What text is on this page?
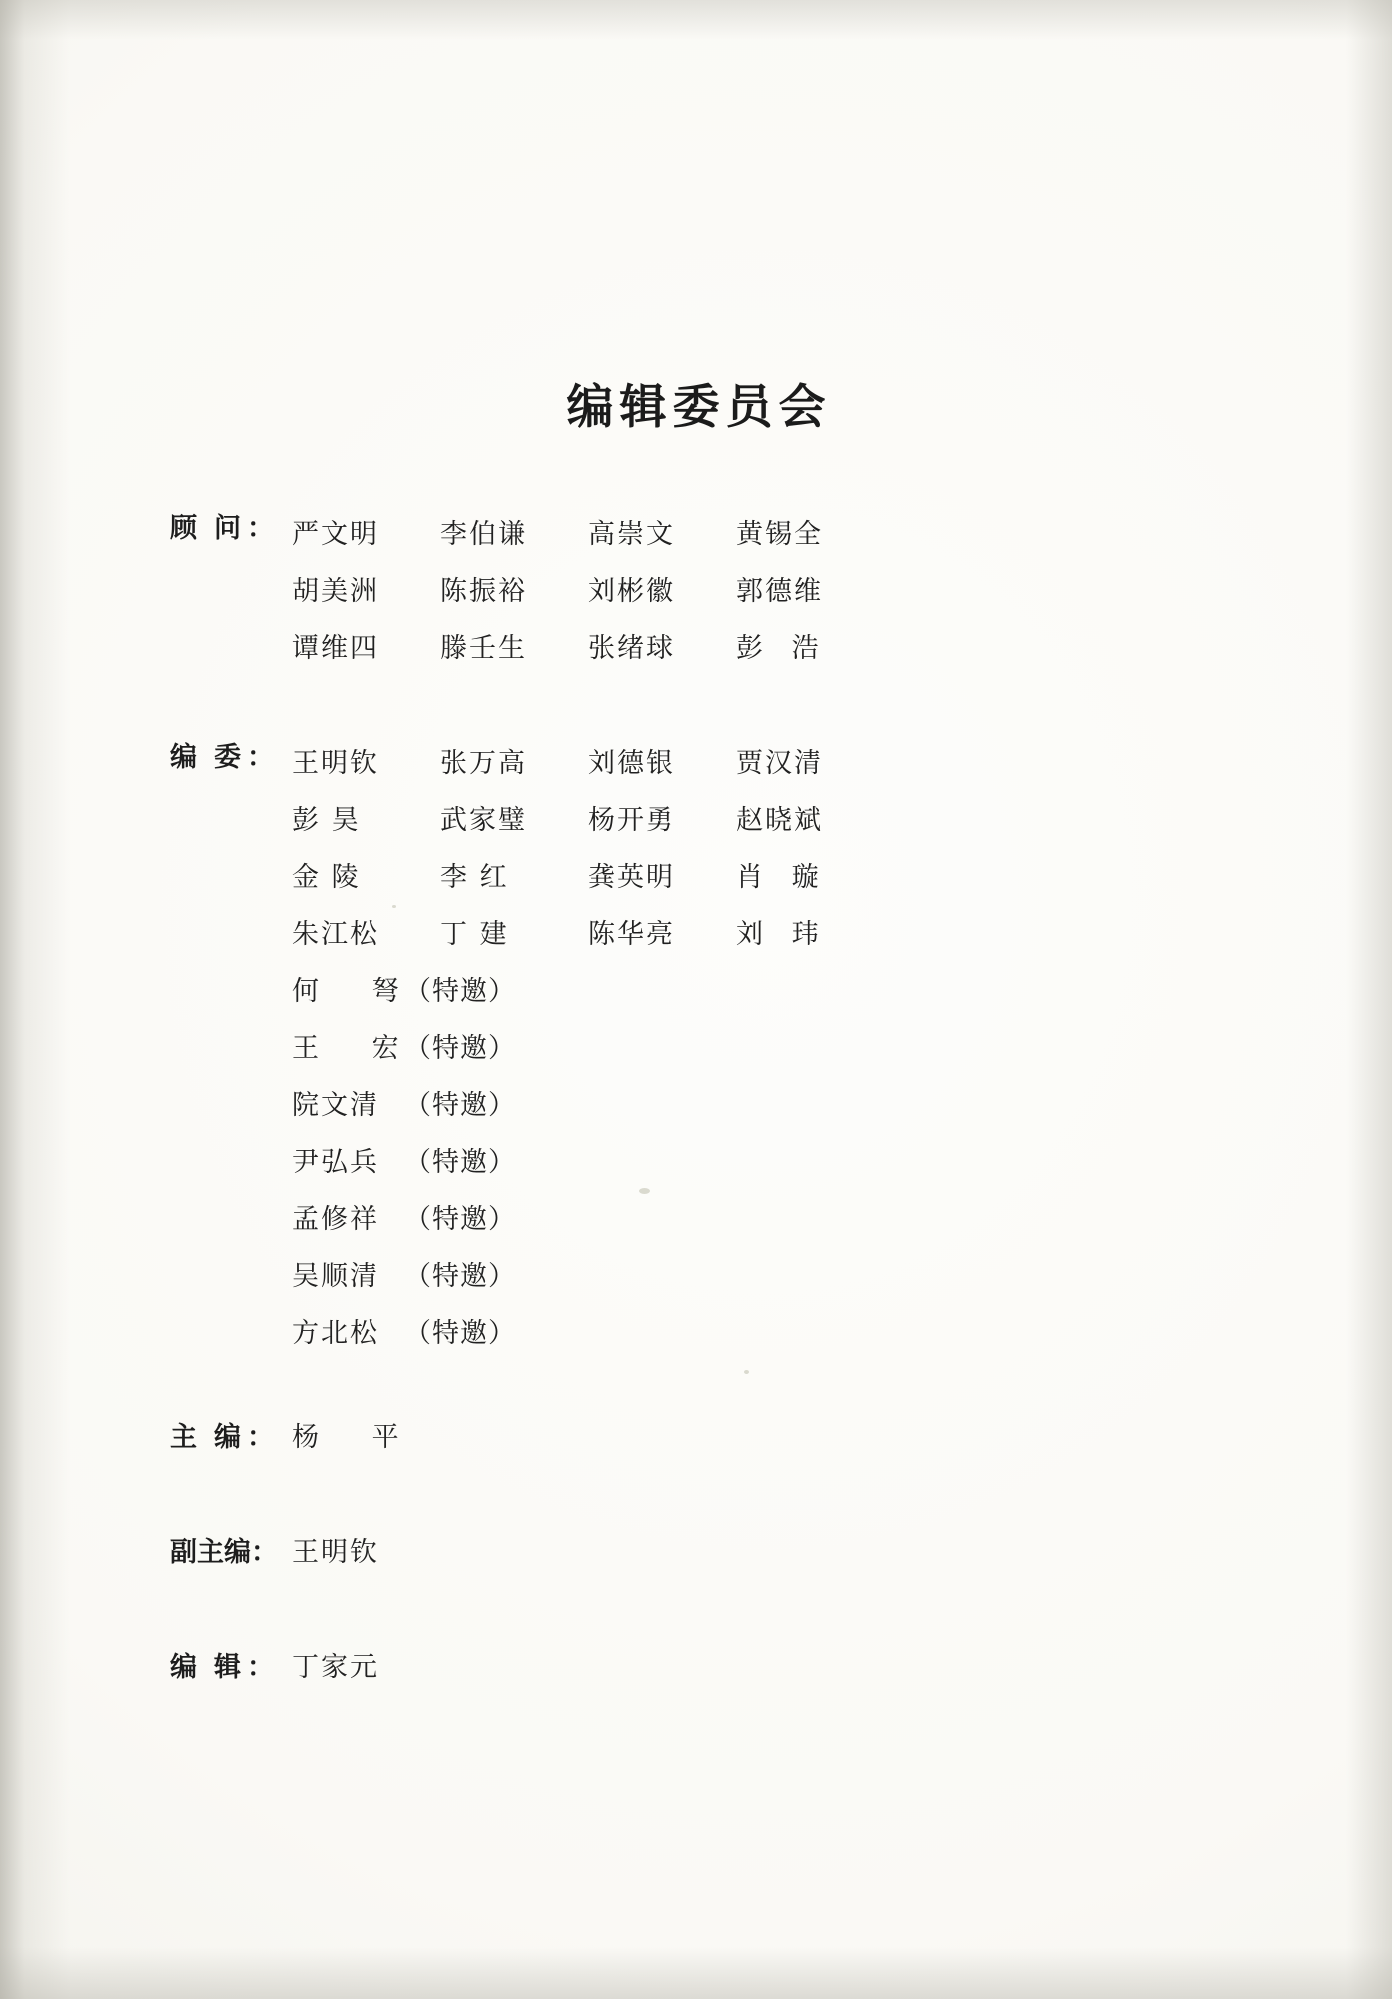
编辑委员会
顾问： 严文明 李伯谦 高崇文 黄锡全
胡美洲 陈振裕 刘彬徽 郭德维
谭维四 滕壬生 张绪球 彭 浩
编委： 王明钦 张万高 刘德银 贾汉清
彭 昊	武家璧 杨开勇 赵晓斌
金 陵	李 红	龚英明 肖 璇
朱江松 丁 建	陈华亮 刘 玮
何 弩（特邀）
王 宏（特邀）
院文清 （特邀）
尹弘兵 （特邀）
孟修祥 （特邀）
吴顺清 （特邀）
方北松 （特邀）
主编： 杨 平
副主编： 王明钦
编辑： 丁家元
